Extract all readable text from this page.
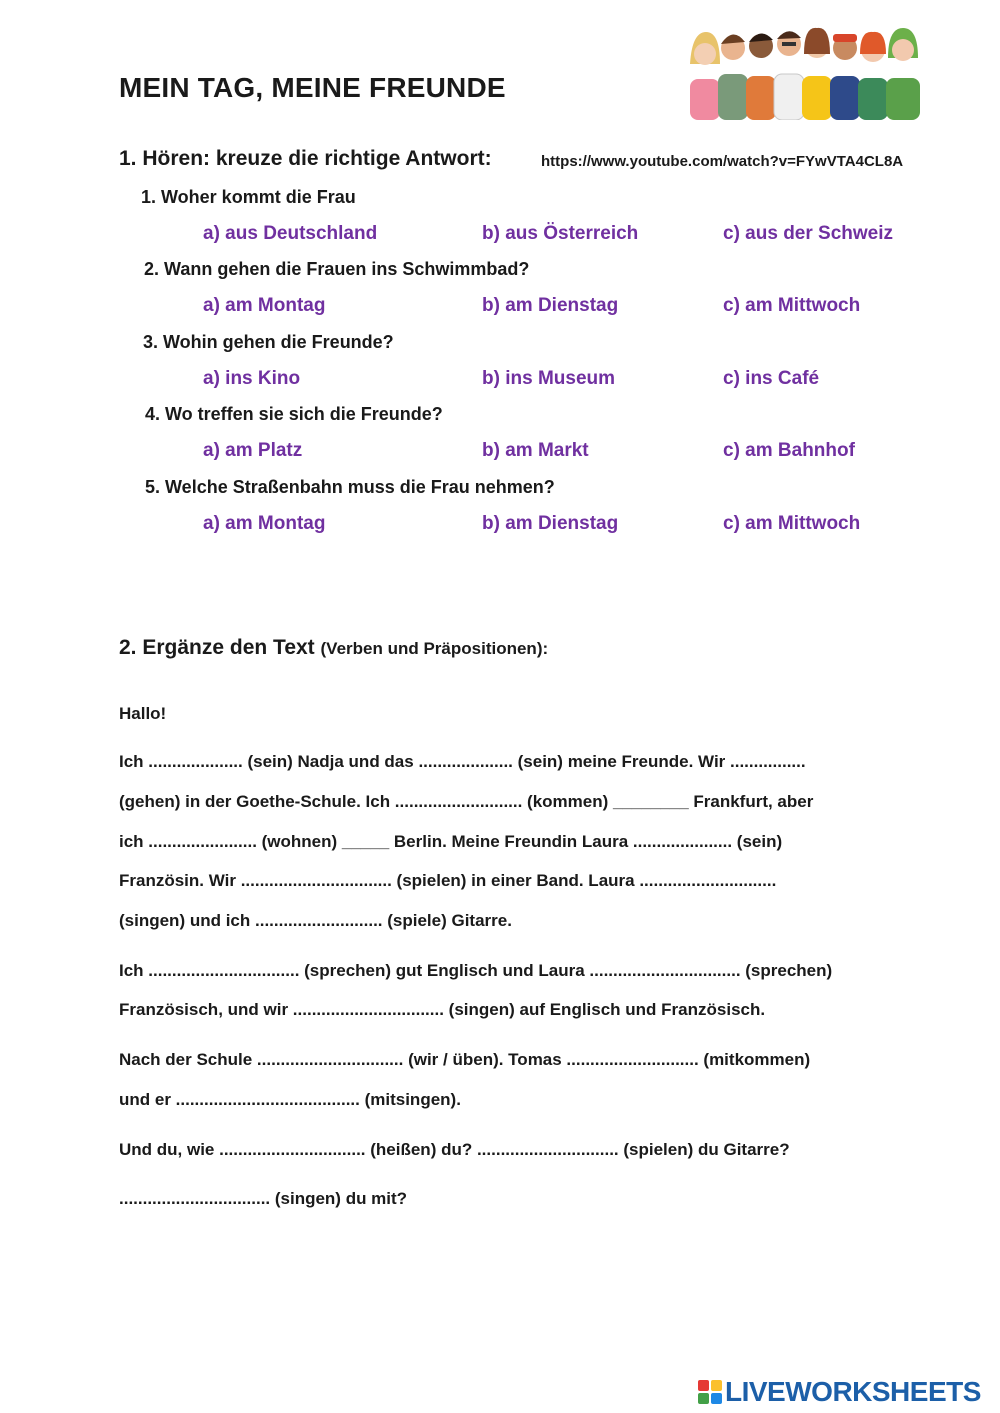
MEIN TAG, MEINE FREUNDE
1. Hören: kreuze die richtige Antwort:	https://www.youtube.com/watch?v=FYwVTA4CL8A
1. Woher kommt die Frau
a) aus Deutschland	b) aus Österreich	c) aus der Schweiz
2. Wann gehen die Frauen ins Schwimmbad?
a) am Montag	b) am Dienstag	c) am Mittwoch
3. Wohin gehen die Freunde?
a) ins Kino	b) ins Museum	c) ins Café
4. Wo treffen sie sich die Freunde?
a) am Platz	b) am Markt	c) am Bahnhof
5. Welche Straßenbahn muss die Frau nehmen?
a) am Montag	b) am Dienstag	c) am Mittwoch
2. Ergänze den Text (Verben und Präpositionen):
Hallo!
Ich .................... (sein) Nadja und das .................... (sein) meine Freunde. Wir ................
(gehen) in der Goethe-Schule. Ich ........................... (kommen) ________ Frankfurt, aber
ich ....................... (wohnen) _____ Berlin. Meine Freundin Laura ..................... (sein)
Französin. Wir ................................ (spielen) in einer Band. Laura .............................
(singen) und ich ........................... (spiele) Gitarre.
Ich ................................ (sprechen) gut Englisch und Laura ................................ (sprechen)
Französisch, und wir ................................ (singen) auf Englisch und Französisch.
Nach der Schule ............................... (wir / üben). Tomas ............................ (mitkommen)
und er ....................................... (mitsingen).
Und du, wie ............................... (heißen) du? .............................. (spielen) du Gitarre?
................................ (singen) du mit?
LIVEWORKSHEETS
